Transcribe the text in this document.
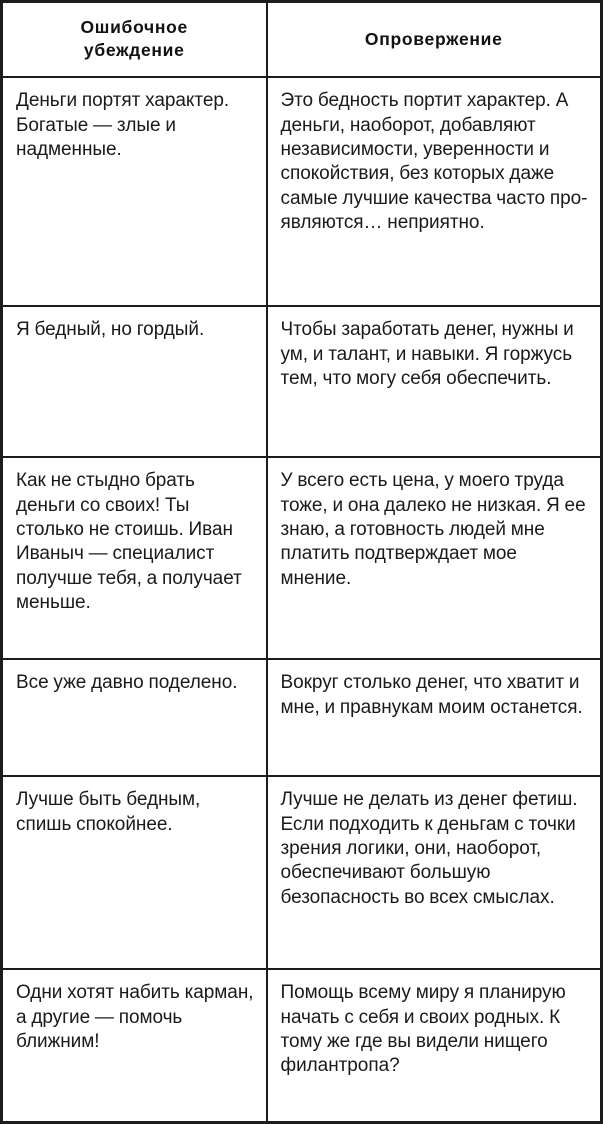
Ошибочное
убеждение	Опровержение
Деньги портят характер. Богатые — злые и надменные.	Это бедность портит характер. А деньги, наоборот, добавляют независимости, уверенности и спокойствия, без которых даже самые лучшие качества часто проявляются… неприятно.
Я бедный, но гордый.	Чтобы заработать денег, нужны и ум, и талант, и навыки. Я горжусь тем, что могу себя обеспечить.
Как не стыдно брать деньги со своих! Ты столько не стоишь. Иван Иваныч — специалист получше тебя, а получает меньше.	У всего есть цена, у моего труда тоже, и она далеко не низкая. Я ее знаю, а готовность людей мне платить подтверждает мое мнение.
Все уже давно поделено.	Вокруг столько денег, что хватит и мне, и правнукам моим останется.
Лучше быть бедным, спишь спокойнее.	Лучше не делать из денег фетиш. Если подходить к деньгам с точки зрения логики, они, наоборот, обеспечивают большую безопасность во всех смыслах.
Одни хотят набить карман, а другие — помочь ближним!	Помощь всему миру я планирую начать с себя и своих родных. К тому же где вы видели нищего филантропа?
